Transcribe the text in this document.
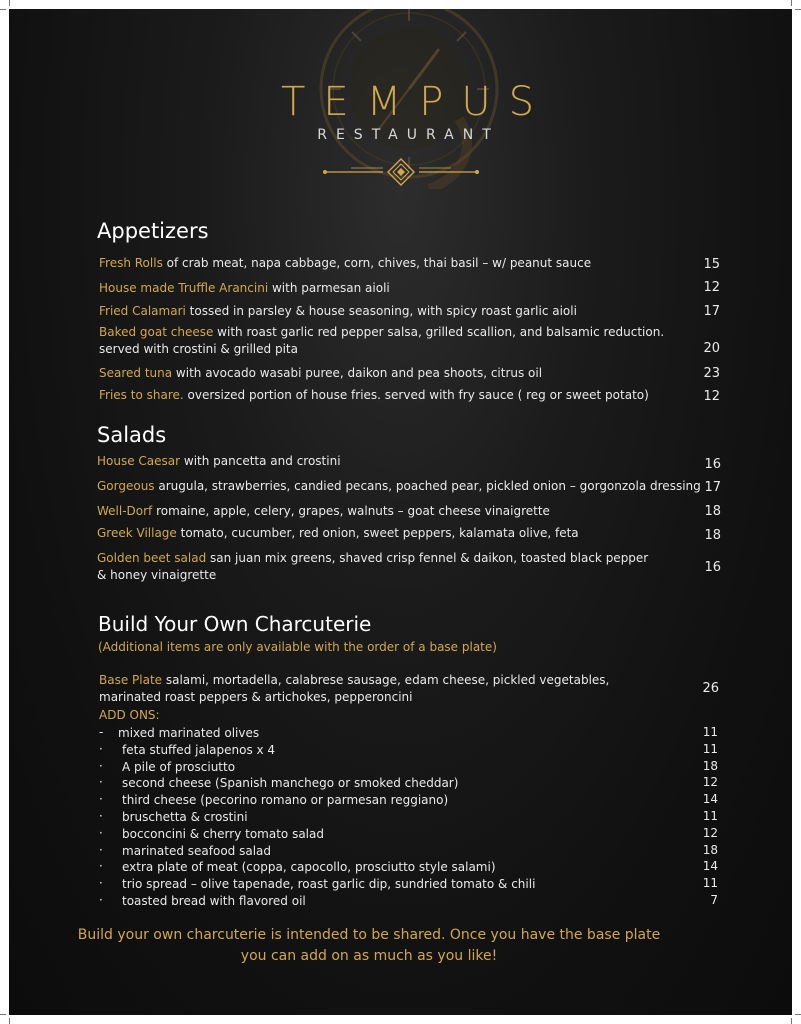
TEMPUS
RESTAURANT
Appetizers
Fresh Rolls of crab meat, napa cabbage, corn, chives, thai basil – w/ peanut sauce	15
House made Truffle Arancini with parmesan aioli	12
Fried Calamari tossed in parsley & house seasoning, with spicy roast garlic aioli	17
Baked goat cheese with roast garlic red pepper salsa, grilled scallion, and balsamic reduction.
served with crostini & grilled pita	20
Seared tuna with avocado wasabi puree, daikon and pea shoots, citrus oil	23
Fries to share. oversized portion of house fries. served with fry sauce ( reg or sweet potato)	12
Salads
House Caesar with pancetta and crostini	16
Gorgeous arugula, strawberries, candied pecans, poached pear, pickled onion – gorgonzola dressing 17
Well-Dorf romaine, apple, celery, grapes, walnuts – goat cheese vinaigrette	18
Greek Village tomato, cucumber, red onion, sweet peppers, kalamata olive, feta	18
Golden beet salad san juan mix greens, shaved crisp fennel & daikon, toasted black pepper
& honey vinaigrette	16
Build Your Own Charcuterie
(Additional items are only available with the order of a base plate)
Base Plate salami, mortadella, calabrese sausage, edam cheese, pickled vegetables,
marinated roast peppers & artichokes, pepperoncini
26
ADD ONS:
- mixed marinated olives	11
· feta stuffed jalapenos x 4	11
· A pile of prosciutto	18
· second cheese (Spanish manchego or smoked cheddar)	12
· third cheese (pecorino romano or parmesan reggiano)	14
· bruschetta & crostini	11
· bocconcini & cherry tomato salad	12
· marinated seafood salad	18
· extra plate of meat (coppa, capocollo, prosciutto style salami)	14
· trio spread – olive tapenade, roast garlic dip, sundried tomato & chili	11
· toasted bread with flavored oil	7
Build your own charcuterie is intended to be shared. Once you have the base plate
you can add on as much as you like!
